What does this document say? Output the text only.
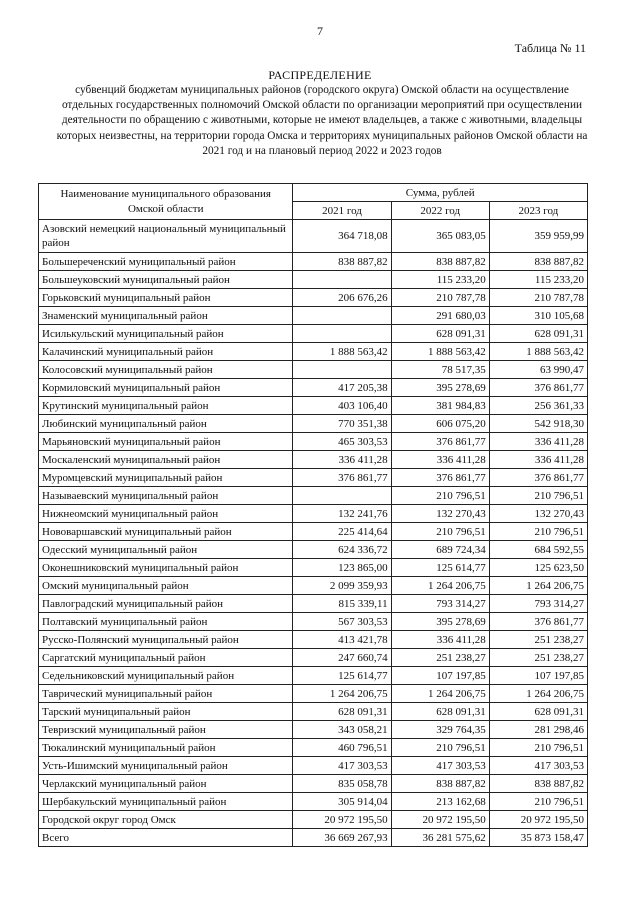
7
Таблица № 11
РАСПРЕДЕЛЕНИЕ
субвенций бюджетам муниципальных районов (городского округа) Омской области на осуществление отдельных государственных полномочий Омской области по организации мероприятий при осуществлении деятельности по обращению с животными, которые не имеют владельцев, а также с животными, владельцы которых неизвестны, на территории города Омска и территориях муниципальных районов Омской области на 2021 год и на плановый период 2022 и 2023 годов
Наименование муниципального образования Омской области	Сумма, рублей		
	2021 год	2022 год	2023 год
Азовский немецкий национальный муниципальный район	364 718,08	365 083,05	359 959,99
Большереченский муниципальный район	838 887,82	838 887,82	838 887,82
Большеуковский муниципальный район		115 233,20	115 233,20
Горьковский муниципальный район	206 676,26	210 787,78	210 787,78
Знаменский муниципальный район		291 680,03	310 105,68
Исилькульский муниципальный район		628 091,31	628 091,31
Калачинский муниципальный район	1 888 563,42	1 888 563,42	1 888 563,42
Колосовский муниципальный район		78 517,35	63 990,47
Кормиловский муниципальный район	417 205,38	395 278,69	376 861,77
Крутинский муниципальный район	403 106,40	381 984,83	256 361,33
Любинский муниципальный район	770 351,38	606 075,20	542 918,30
Марьяновский муниципальный район	465 303,53	376 861,77	336 411,28
Москаленский муниципальный район	336 411,28	336 411,28	336 411,28
Муромцевский муниципальный район	376 861,77	376 861,77	376 861,77
Называевский муниципальный район		210 796,51	210 796,51
Нижнеомский муниципальный район	132 241,76	132 270,43	132 270,43
Нововаршавский муниципальный район	225 414,64	210 796,51	210 796,51
Одесский муниципальный район	624 336,72	689 724,34	684 592,55
Оконешниковский муниципальный район	123 865,00	125 614,77	125 623,50
Омский муниципальный район	2 099 359,93	1 264 206,75	1 264 206,75
Павлоградский муниципальный район	815 339,11	793 314,27	793 314,27
Полтавский муниципальный район	567 303,53	395 278,69	376 861,77
Русско-Полянский муниципальный район	413 421,78	336 411,28	251 238,27
Саргатский муниципальный район	247 660,74	251 238,27	251 238,27
Седельниковский муниципальный район	125 614,77	107 197,85	107 197,85
Таврический муниципальный район	1 264 206,75	1 264 206,75	1 264 206,75
Тарский муниципальный район	628 091,31	628 091,31	628 091,31
Тевризский муниципальный район	343 058,21	329 764,35	281 298,46
Тюкалинский муниципальный район	460 796,51	210 796,51	210 796,51
Усть-Ишимский муниципальный район	417 303,53	417 303,53	417 303,53
Черлакский муниципальный район	835 058,78	838 887,82	838 887,82
Шербакульский муниципальный район	305 914,04	213 162,68	210 796,51
Городской округ город Омск	20 972 195,50	20 972 195,50	20 972 195,50
Всего	36 669 267,93	36 281 575,62	35 873 158,47
